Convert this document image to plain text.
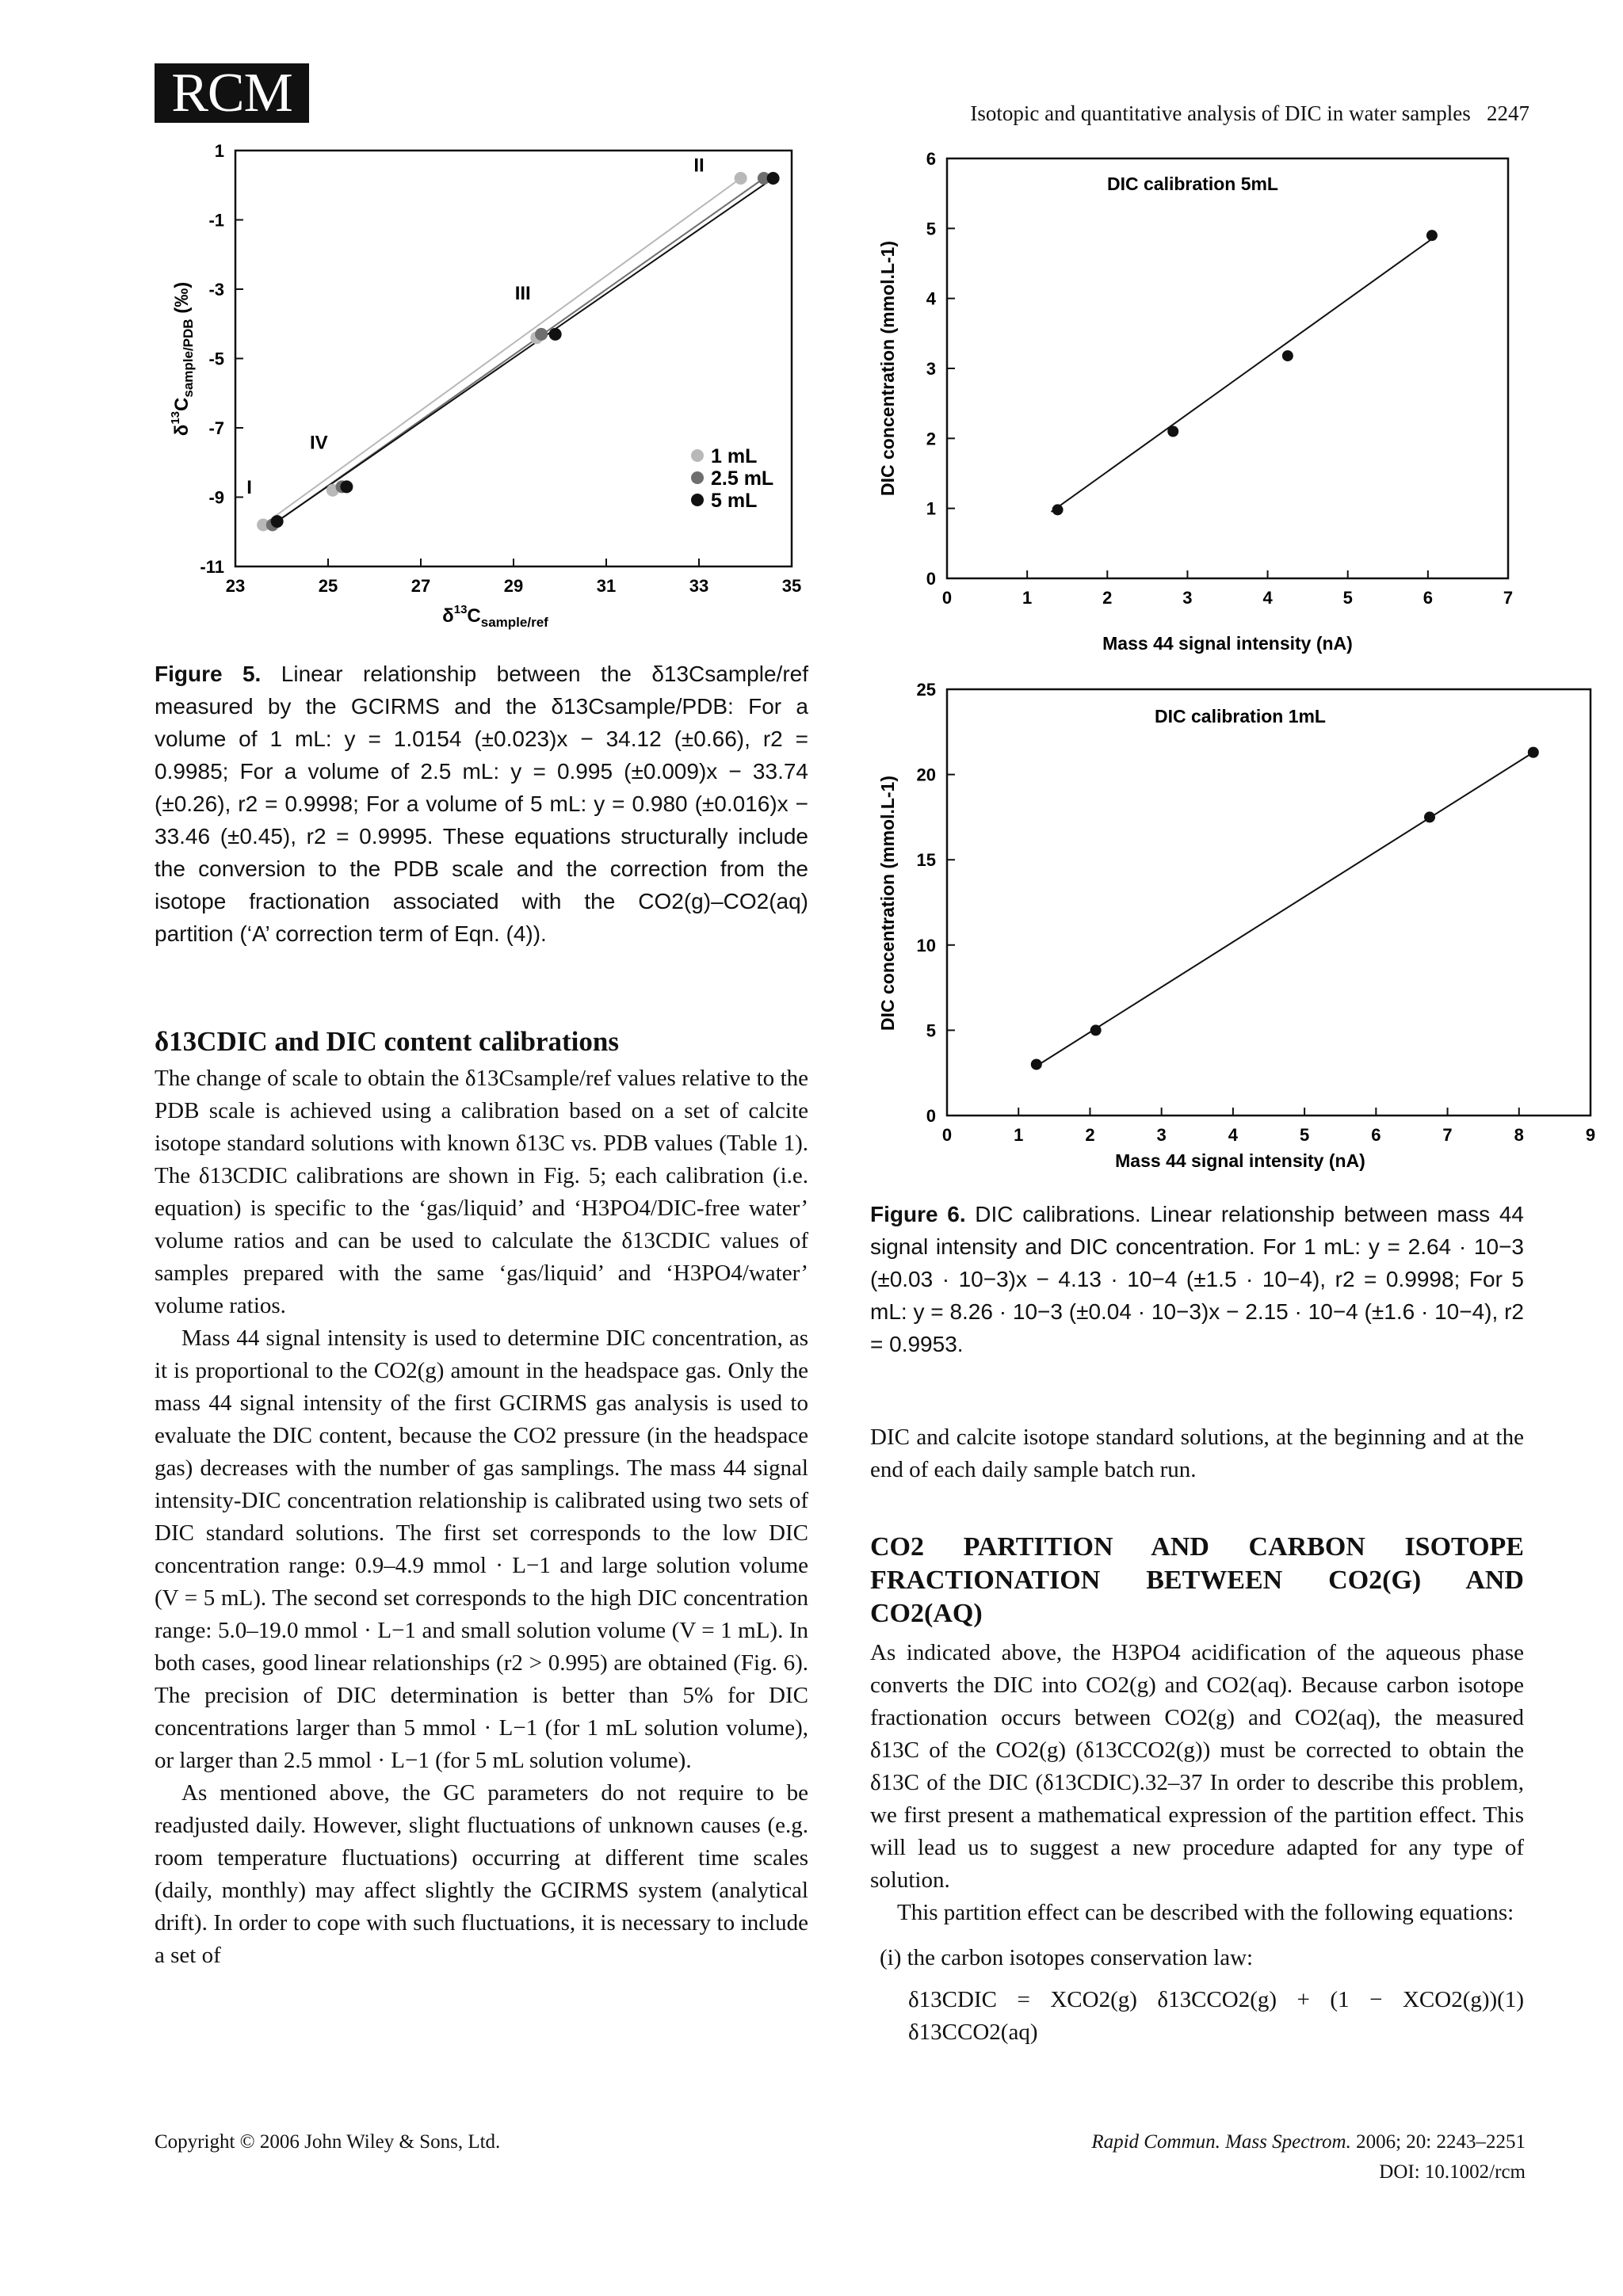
RCM	Isotopic and quantitative analysis of DIC in water samples 2247
1
-1
-3
-5
-7
-9
-11
23	25	27	29	31	33	35
I
IV
III
II
1 mL
2.5 mL
5 mL
$\delta^{13}C_{sample/ref}$
$\delta^{13}C_{sample/PDB}$ (‰)
Figure 5. Linear relationship between the δ13Csample/ref measured by the GCIRMS and the δ13Csample/PDB: For a volume of 1 mL: y = 1.0154 (±0.023)x − 34.12 (±0.66), r2 = 0.9985; For a volume of 2.5 mL: y = 0.995 (±0.009)x − 33.74 (±0.26), r2 = 0.9998; For a volume of 5 mL: y = 0.980 (±0.016)x − 33.46 (±0.45), r2 = 0.9995. These equations structurally include the conversion to the PDB scale and the correction from the isotope fractionation associated with the CO2(g)–CO2(aq) partition (‘A’ correction term of Eqn. (4)).
δ13CDIC and DIC content calibrations

The change of scale to obtain the δ13Csample/ref values relative to the PDB scale is achieved using a calibration based on a set of calcite isotope standard solutions with known δ13C vs. PDB values (Table 1). The δ13CDIC calibrations are shown in Fig. 5; each calibration (i.e. equation) is specific to the ‘gas/liquid’ and ‘H3PO4/DIC-free water’ volume ratios and can be used to calculate the δ13CDIC values of samples prepared with the same ‘gas/liquid’ and ‘H3PO4/water’ volume ratios.

Mass 44 signal intensity is used to determine DIC concentration, as it is proportional to the CO2(g) amount in the headspace gas. Only the mass 44 signal intensity of the first GCIRMS gas analysis is used to evaluate the DIC content, because the CO2 pressure (in the headspace gas) decreases with the number of gas samplings. The mass 44 signal intensity-DIC concentration relationship is calibrated using two sets of DIC standard solutions. The first set corresponds to the low DIC concentration range: 0.9–4.9 mmol · L−1 and large solution volume (V = 5 mL). The second set corresponds to the high DIC concentration range: 5.0–19.0 mmol · L−1 and small solution volume (V = 1 mL). In both cases, good linear relationships (r2 > 0.995) are obtained (Fig. 6). The precision of DIC determination is better than 5% for DIC concentrations larger than 5 mmol · L−1 (for 1 mL solution volume), or larger than 2.5 mmol · L−1 (for 5 mL solution volume).

As mentioned above, the GC parameters do not require to be readjusted daily. However, slight fluctuations of unknown causes (e.g. room temperature fluctuations) occurring at different time scales (daily, monthly) may affect slightly the GCIRMS system (analytical drift). In order to cope with such fluctuations, it is necessary to include a set of

0
1
2
3
4
5
6
0	1	2	3	4	5	6	7
DIC calibration 5mL
Mass 44 signal intensity (nA)
DIC concentration (mmol.L-1)
0
5
10
15
20
25
0	1	2	3	4	5	6	7	8	9
DIC calibration 1mL
Mass 44 signal intensity (nA)
DIC concentration (mmol.L-1)
Figure 6. DIC calibrations. Linear relationship between mass 44 signal intensity and DIC concentration. For 1 mL: y = 2.64 · 10−3 (±0.03 · 10−3)x − 4.13 · 10−4 (±1.5 · 10−4), r2 = 0.9998; For 5 mL: y = 8.26 · 10−3 (±0.04 · 10−3)x − 2.15 · 10−4 (±1.6 · 10−4), r2 = 0.9953.

DIC and calcite isotope standard solutions, at the beginning and at the end of each daily sample batch run.

CO2 PARTITION AND CARBON ISOTOPE FRACTIONATION BETWEEN CO2(G) AND CO2(AQ)

As indicated above, the H3PO4 acidification of the aqueous phase converts the DIC into CO2(g) and CO2(aq). Because carbon isotope fractionation occurs between CO2(g) and CO2(aq), the measured δ13C of the CO2(g) (δ13CCO2(g)) must be corrected to obtain the δ13C of the DIC (δ13CDIC).32–37 In order to describe this problem, we first present a mathematical expression of the partition effect. This will lead us to suggest a new procedure adapted for any type of solution.

This partition effect can be described with the following equations:

(i) the carbon isotopes conservation law:

δ13CDIC = XCO2(g) δ13CCO2(g) + (1 − XCO2(g)) δ13CCO2(aq)
(1)
Copyright © 2006 John Wiley & Sons, Ltd.	Rapid Commun. Mass Spectrom. 2006; 20: 2243–2251
DOI: 10.1002/rcm
